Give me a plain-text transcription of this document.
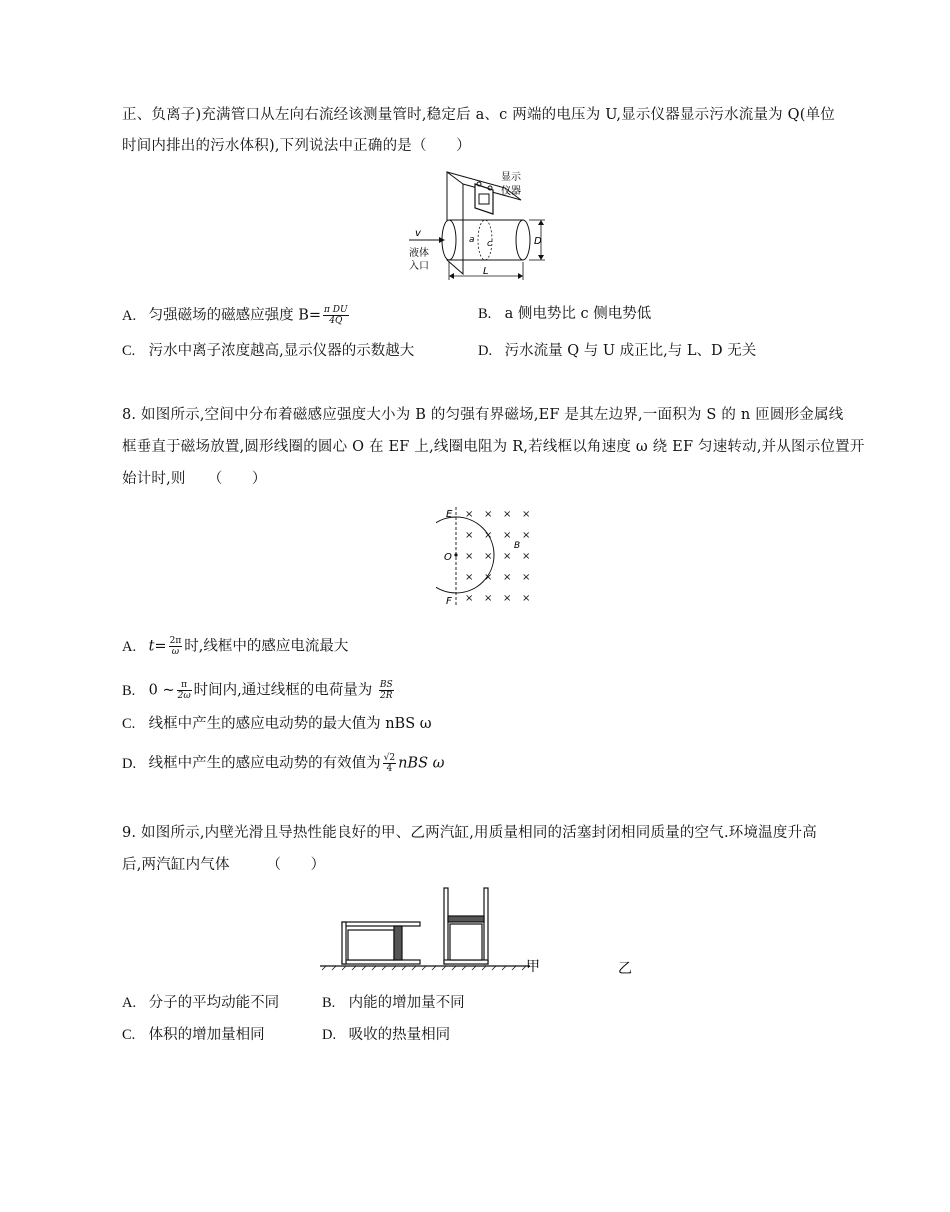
正、负离子)充满管口从左向右流经该测量管时,稳定后 a、c 两端的电压为 U,显示仪器显示污水流量为 Q(单位
时间内排出的污水体积),下列说法中正确的是（　　）
显示
仪器
a c
v
液体
入口
D
L
A. 匀强磁场的磁感应强度 $B= \frac{\text{π DU}}{4Q}$	B. a 侧电势比 c 侧电势低
C. 污水中离子浓度越高,显示仪器的示数越大	D. 污水流量 Q 与 U 成正比,与 L、D 无关
8. 如图所示,空间中分布着磁感应强度大小为 B 的匀强有界磁场,EF 是其左边界,一面积为 S 的 n 匝圆形金属线
框垂直于磁场放置,圆形线圈的圆心 O 在 EF 上,线圈电阻为 R,若线框以角速度 ω 绕 EF 匀速转动,并从图示位置开
始计时,则　　（　　）
E
F
O
B
× × × ×
× × × ×
× × × ×
× × × ×
× × × ×
A. $t= \frac{2\pi}{\omega}$ 时,线框中的感应电流最大
B. 0 ~ $\frac{\pi}{2\omega}$ 时间内,通过线框的电荷量为 $\frac{BS}{2R}$
C. 线框中产生的感应电动势的最大值为 nBS ω
D. 线框中产生的感应电动势的有效值为 $\frac{√2}{4}$ nBS ω
9. 如图所示,内壁光滑且导热性能良好的甲、乙两汽缸,用质量相同的活塞封闭相同质量的空气.环境温度升高
后,两汽缸内气体　　　（　　）
甲	乙
A. 分子的平均动能不同	B. 内能的增加量不同
C. 体积的增加量相同	D. 吸收的热量相同
